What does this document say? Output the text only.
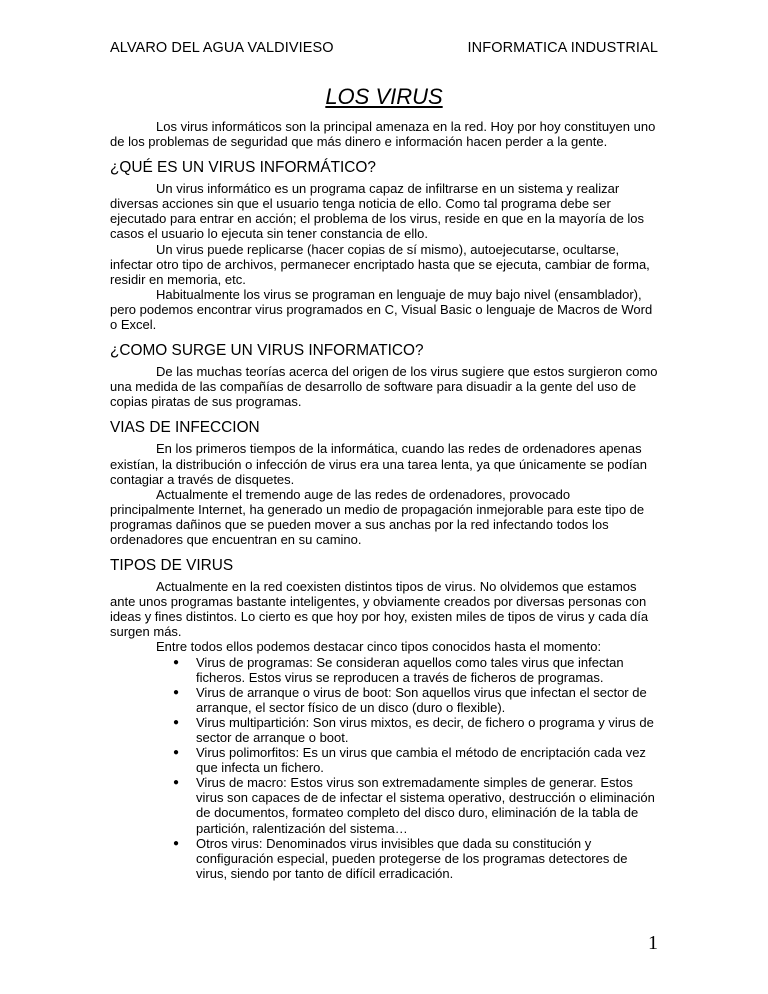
ALVARO DEL AGUA VALDIVIESO	INFORMATICA INDUSTRIAL
LOS VIRUS

Los virus informáticos son la principal amenaza en la red. Hoy por hoy constituyen uno de los problemas de seguridad que más dinero e información hacen perder a la gente.

¿QUÉ ES UN VIRUS INFORMÁTICO?

Un virus informático es un programa capaz de infiltrarse en un sistema y realizar diversas acciones sin que el usuario tenga noticia de ello. Como tal programa debe ser ejecutado para entrar en acción; el problema de los virus, reside en que en la mayoría de los casos el usuario lo ejecuta sin tener constancia de ello.

Un virus puede replicarse (hacer copias de sí mismo), autoejecutarse, ocultarse, infectar otro tipo de archivos, permanecer encriptado hasta que se ejecuta, cambiar de forma, residir en memoria, etc.

Habitualmente los virus se programan en lenguaje de muy bajo nivel (ensamblador), pero podemos encontrar virus programados en C, Visual Basic o lenguaje de Macros de Word o Excel.

¿COMO SURGE UN VIRUS INFORMATICO?

De las muchas teorías acerca del origen de los virus sugiere que estos surgieron como una medida de las compañías de desarrollo de software para disuadir a la gente del uso de copias piratas de sus programas.

VIAS DE INFECCION

En los primeros tiempos de la informática, cuando las redes de ordenadores apenas existían, la distribución o infección de virus era una tarea lenta, ya que únicamente se podían contagiar a través de disquetes.

Actualmente el tremendo auge de las redes de ordenadores, provocado principalmente Internet, ha generado un medio de propagación inmejorable para este tipo de programas dañinos que se pueden mover a sus anchas por la red infectando todos los ordenadores que encuentran en su camino.

TIPOS DE VIRUS

Actualmente en la red coexisten distintos tipos de virus. No olvidemos que estamos ante unos programas bastante inteligentes, y obviamente creados por diversas personas con ideas y fines distintos. Lo cierto es que hoy por hoy, existen miles de tipos de virus y cada día surgen más.

Entre todos ellos podemos destacar cinco tipos conocidos hasta el momento:

● Virus de programas: Se consideran aquellos como tales virus que infectan ficheros. Estos virus se reproducen a través de ficheros de programas.
● Virus de arranque o virus de boot: Son aquellos virus que infectan el sector de arranque, el sector físico de un disco (duro o flexible).
● Virus multipartición: Son virus mixtos, es decir, de fichero o programa y virus de sector de arranque o boot.
● Virus polimorfitos: Es un virus que cambia el método de encriptación cada vez que infecta un fichero.
● Virus de macro: Estos virus son extremadamente simples de generar. Estos virus son capaces de de infectar el sistema operativo, destrucción o eliminación de documentos, formateo completo del disco duro, eliminación de la tabla de partición, ralentización del sistema…
● Otros virus: Denominados virus invisibles que dada su constitución y configuración especial, pueden protegerse de los programas detectores de virus, siendo por tanto de difícil erradicación.
1
